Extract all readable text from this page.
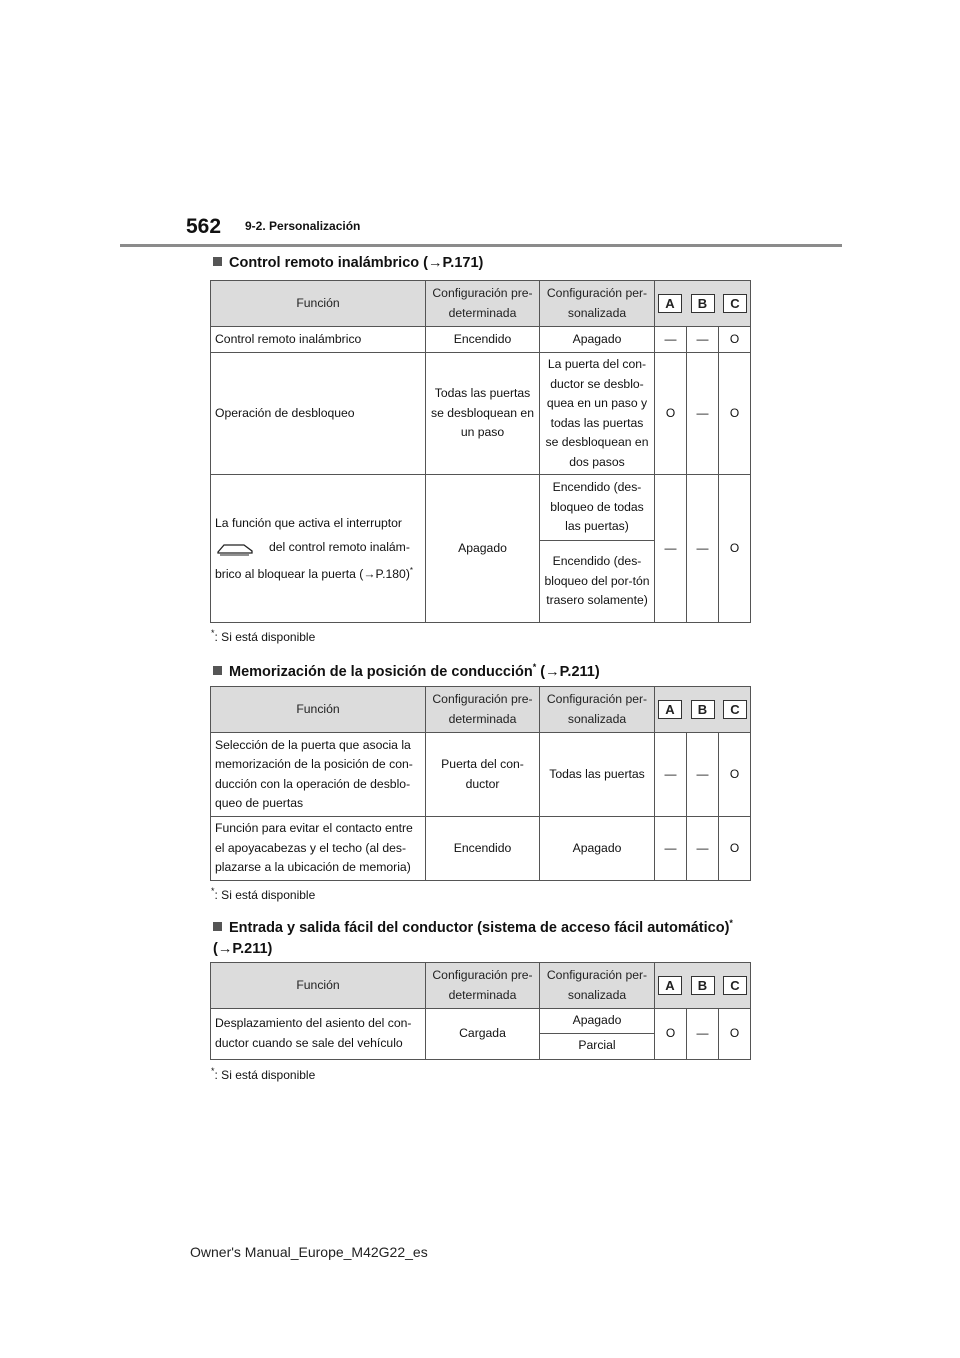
562 9-2. Personalización
Control remoto inalámbrico (→P.171)
Función	Configuración pre-determinada	Configuración per-sonalizada	A B C		

Control remoto inalámbrico	Encendido	Apagado	—	—	O
Operación de desbloqueo	Todas las puertas se desbloquean en un paso	La puerta del con-ductor se desblo-quea en un paso y todas las puertas se desbloquean en dos pasos	O	—	O
La función que activa el interruptor
del control remoto inalám-brico al bloquear la puerta (→P.180)*	Apagado	Encendido (des-bloqueo de todas las puertas)	—	—	O
		Encendido (des-bloqueo del por-tón trasero solamente)			
*: Si está disponible
Memorización de la posición de conducción* (→P.211)
Función	Configuración pre-determinada	Configuración per-sonalizada	A B C		

Selección de la puerta que asocia la memorización de la posición de con-ducción con la operación de desblo-queo de puertas	Puerta del con-ductor	Todas las puertas	—	—	O
Función para evitar el contacto entre el apoyacabezas y el techo (al des-plazarse a la ubicación de memoria)	Encendido	Apagado	—	—	O
*: Si está disponible
Entrada y salida fácil del conductor (sistema de acceso fácil automático)*
(→P.211)
Función	Configuración pre-determinada	Configuración per-sonalizada	A B C		

Desplazamiento del asiento del con-ductor cuando se sale del vehículo	Cargada	Apagado	O	—	O
		Parcial			
*: Si está disponible
Owner's Manual_Europe_M42G22_es
